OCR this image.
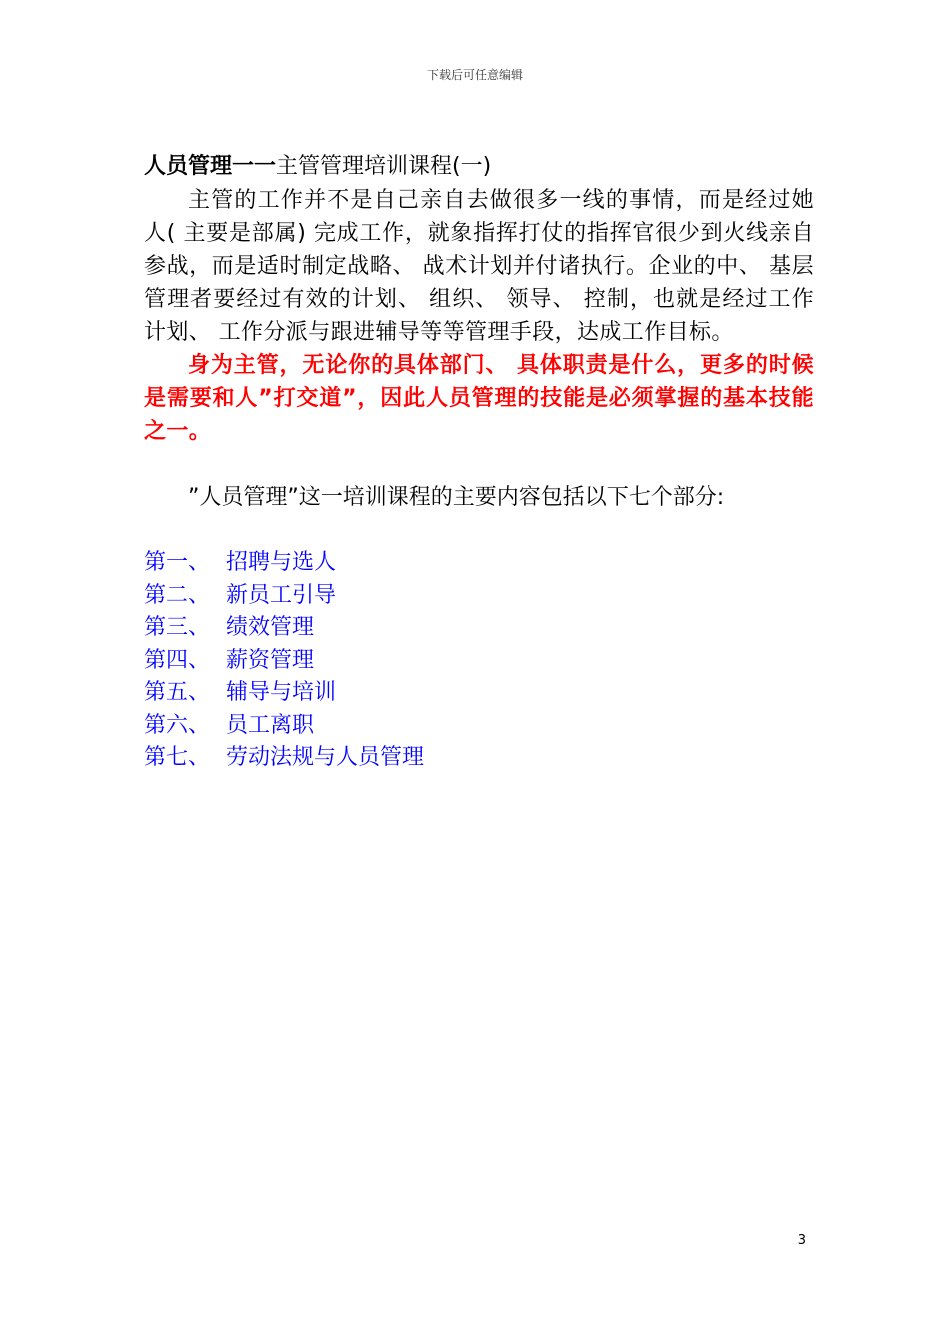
下载后可任意编辑

人员管理一一主管管理培训课程(一)

主管的工作并不是自己亲自去做很多一线的事情，而是经过她人( 主要是部属) 完成工作，就象指挥打仗的指挥官很少到火线亲自参战，而是适时制定战略、 战术计划并付诸执行。企业的中、 基层管理者要经过有效的计划、 组织、 领导、 控制，也就是经过工作计划、 工作分派与跟进辅导等等管理手段，达成工作目标。

身为主管，无论你的具体部门、 具体职责是什么，更多的时候是需要和人”打交道”，因此人员管理的技能是必须掌握的基本技能之一。

”人员管理”这一培训课程的主要内容包括以下七个部分:

第一、 招聘与选人
第二、 新员工引导
第三、 绩效管理
第四、 薪资管理
第五、 辅导与培训
第六、 员工离职
第七、 劳动法规与人员管理
3
